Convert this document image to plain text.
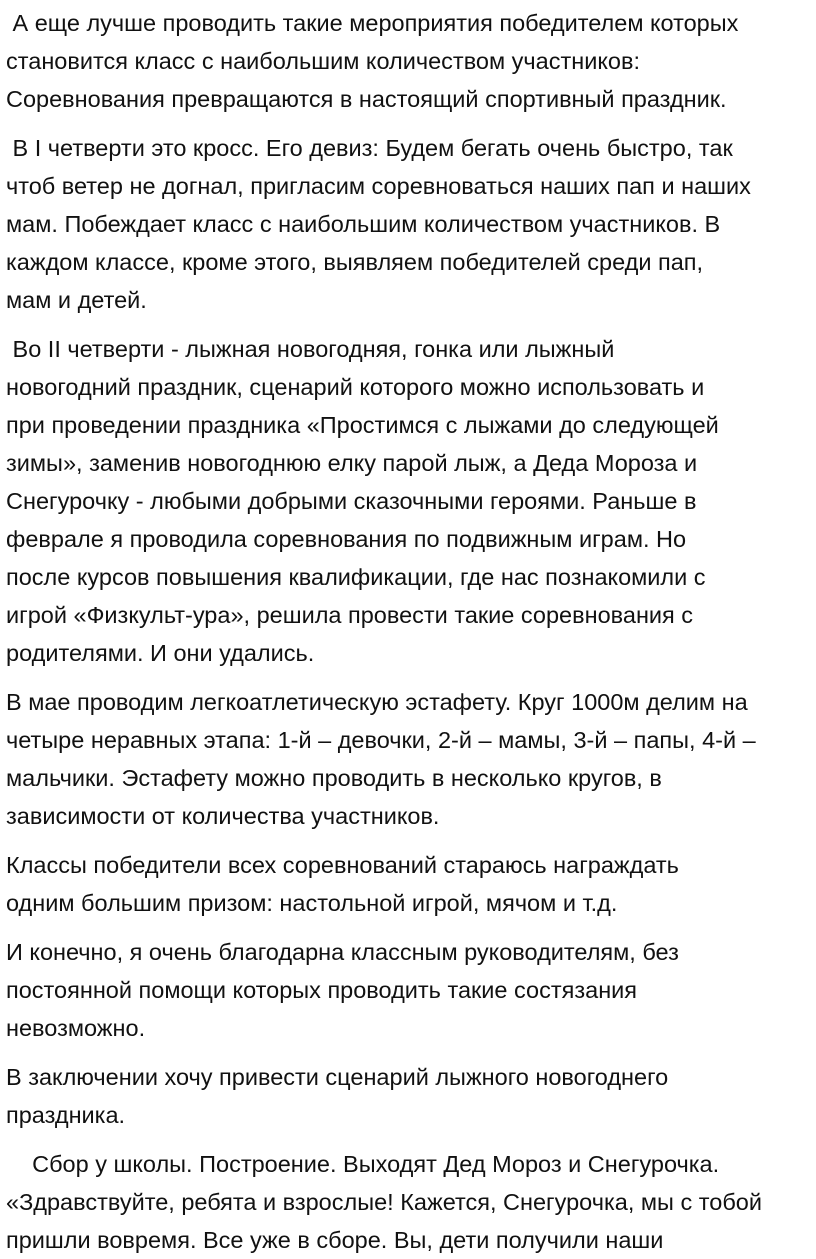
А еще лучше проводить такие мероприятия победителем которых
становится класс с наибольшим количеством участников:
Соревнования превращаются в настоящий спортивный праздник.

В I четверти это кросс. Его девиз: Будем бегать очень быстро, так
чтоб ветер не догнал, пригласим соревноваться наших пап и наших
мам. Побеждает класс с наибольшим количеством участников. В
каждом классе, кроме этого, выявляем победителей среди пап,
мам и детей.

Во II четверти - лыжная новогодняя, гонка или лыжный
новогодний праздник, сценарий которого можно использовать и
при проведении праздника «Простимся с лыжами до следующей
зимы», заменив новогоднюю елку парой лыж, а Деда Мороза и
Снегурочку - любыми добрыми сказочными героями. Раньше в
феврале я проводила соревнования по подвижным играм. Но
после курсов повышения квалификации, где нас познакомили с
игрой «Физкульт-ура», решила провести такие соревнования с
родителями. И они удались.

В мае проводим легкоатлетическую эстафету. Круг 1000м делим на
четыре неравных этапа: 1-й – девочки, 2-й – мамы, 3-й – папы, 4-й –
мальчики. Эстафету можно проводить в несколько кругов, в
зависимости от количества участников.

Классы победители всех соревнований стараюсь награждать
одним большим призом: настольной игрой, мячом и т.д.

И конечно, я очень благодарна классным руководителям, без
постоянной помощи которых проводить такие состязания
невозможно.

В заключении хочу привести сценарий лыжного новогоднего
праздника.

Сбор у школы. Построение. Выходят Дед Мороз и Снегурочка.
«Здравствуйте, ребята и взрослые! Кажется, Снегурочка, мы с тобой
пришли вовремя. Все уже в сборе. Вы, дети получили наши
